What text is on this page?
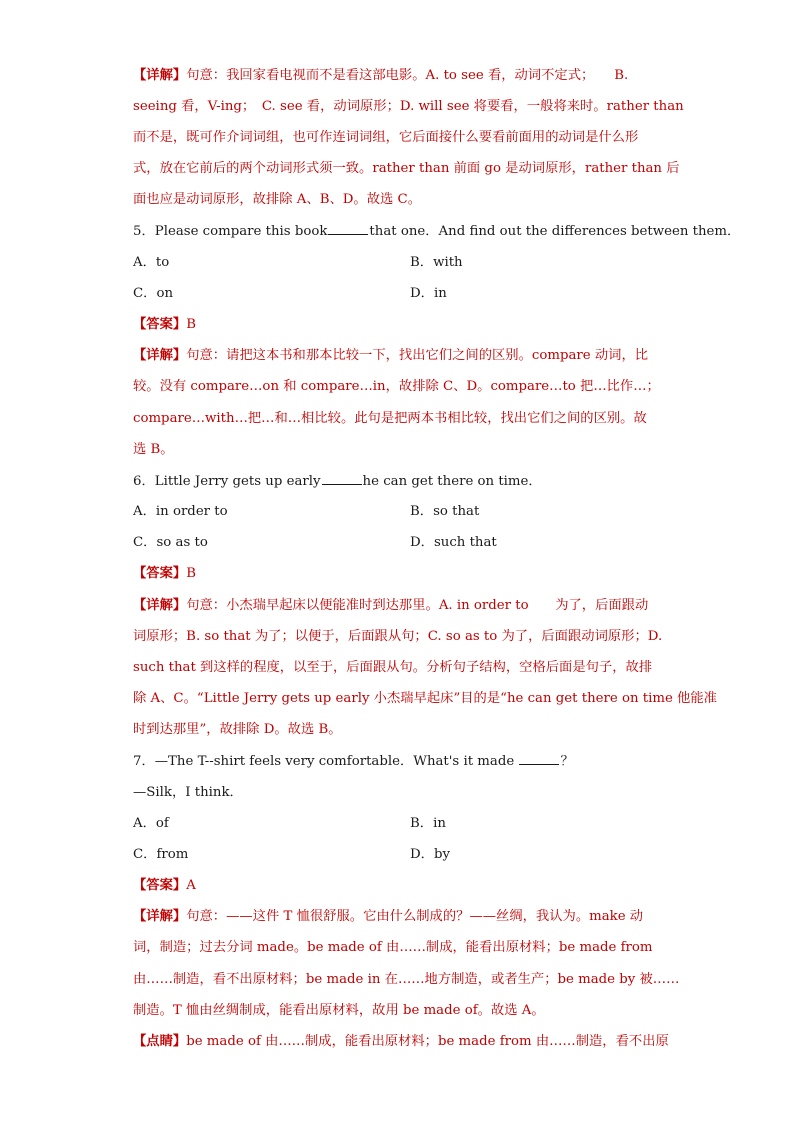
【详解】句意：我回家看电视而不是看这部电影。A. to see 看，动词不定式；　　B.
seeing 看，V-ing；　C. see 看，动词原形；D. will see 将要看，一般将来时。rather than
而不是，既可作介词词组，也可作连词词组，它后面接什么要看前面用的动词是什么形
式，放在它前后的两个动词形式须一致。rather than 前面 go 是动词原形，rather than 后
面也应是动词原形，故排除 A、B、D。故选 C。
5．Please compare this book	that one．And find out the differences between them．
A．to	B．with
C．on	D．in
【答案】B
【详解】句意：请把这本书和那本比较一下，找出它们之间的区别。compare 动词，比
较。没有 compare…on 和 compare…in，故排除 C、D。compare…to 把…比作…；
compare…with…把…和…相比较。此句是把两本书相比较，找出它们之间的区别。故
选 B。
6．Little Jerry gets up early	he can get there on time．
A．in order to	B．so that
C．so as to	D．such that
【答案】B
【详解】句意：小杰瑞早起床以便能准时到达那里。A. in order to　　为了，后面跟动
词原形；B. so that 为了；以便于，后面跟从句；C. so as to 为了，后面跟动词原形；D.
such that 到这样的程度，以至于，后面跟从句。分析句子结构，空格后面是句子，故排
除 A、C。“Little Jerry gets up early 小杰瑞早起床”目的是“he can get there on time 他能准
时到达那里”，故排除 D。故选 B。
7．—The T--shirt feels very comfortable．What's it made	？
—Silk，I think．
A．of	B．in
C．from	D．by
【答案】A
【详解】句意：——这件 T 恤很舒服。它由什么制成的？——丝绸，我认为。make 动
词，制造；过去分词 made。be made of 由……制成，能看出原材料；be made from
由……制造，看不出原材料；be made in 在……地方制造，或者生产；be made by 被……
制造。T 恤由丝绸制成，能看出原材料，故用 be made of。故选 A。
【点睛】be made of 由……制成，能看出原材料；be made from 由……制造，看不出原
